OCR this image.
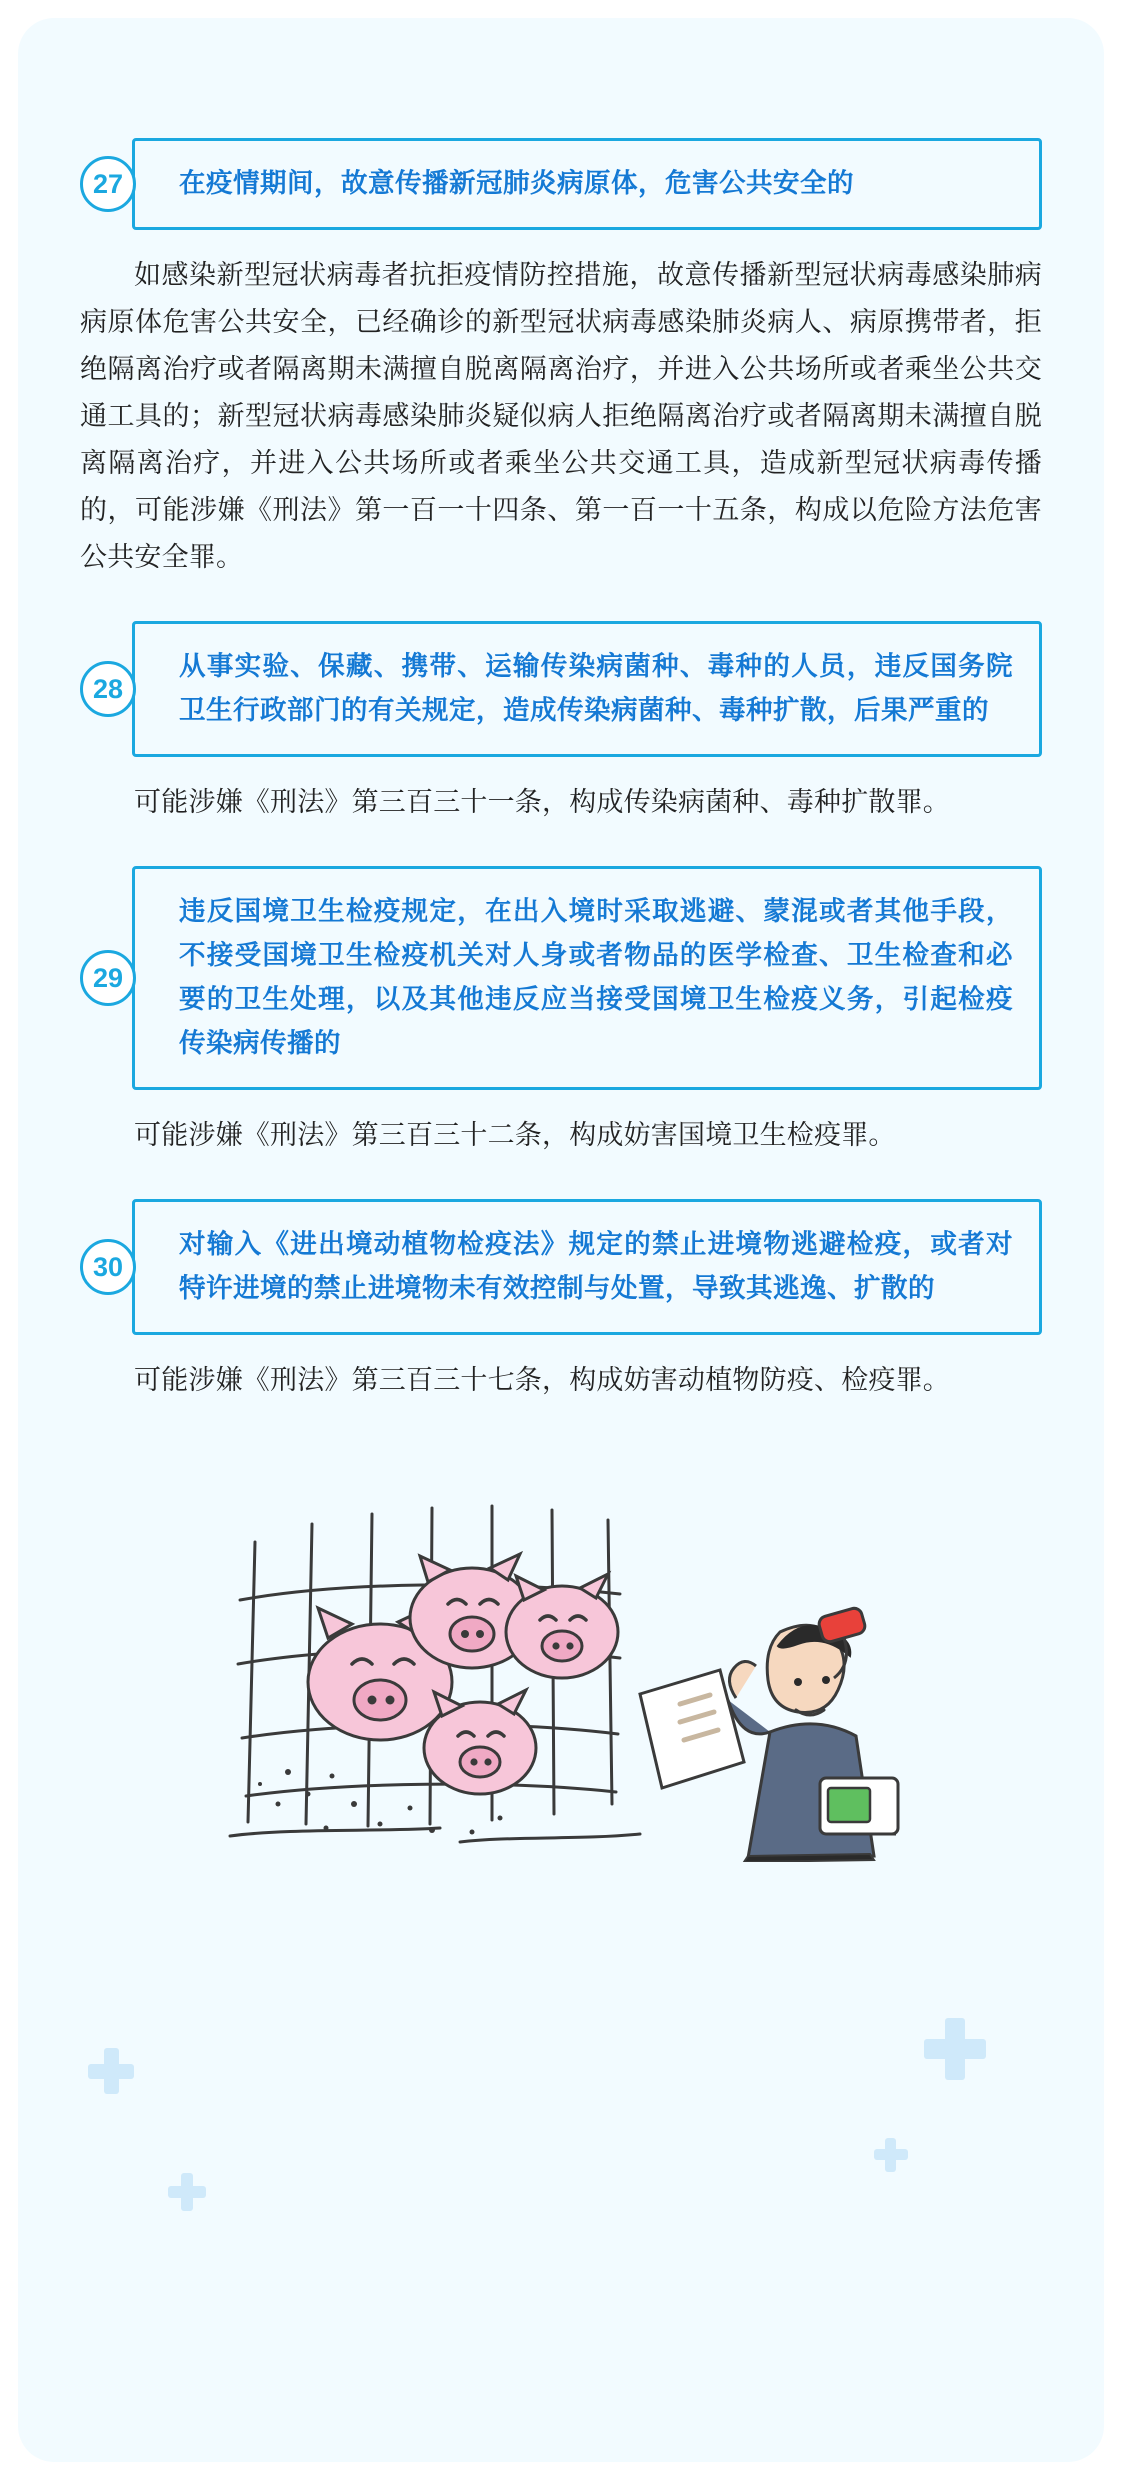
27	在疫情期间，故意传播新冠肺炎病原体，危害公共安全的

如感染新型冠状病毒者抗拒疫情防控措施，故意传播新型冠状病毒感染肺病病原体危害公共安全，已经确诊的新型冠状病毒感染肺炎病人、病原携带者，拒绝隔离治疗或者隔离期未满擅自脱离隔离治疗，并进入公共场所或者乘坐公共交通工具的；新型冠状病毒感染肺炎疑似病人拒绝隔离治疗或者隔离期未满擅自脱离隔离治疗，并进入公共场所或者乘坐公共交通工具，造成新型冠状病毒传播的，可能涉嫌《刑法》第一百一十四条、第一百一十五条，构成以危险方法危害公共安全罪。

28
从事实验、保藏、携带、运输传染病菌种、毒种的人员，违反国务院卫生行政部门的有关规定，造成传染病菌种、毒种扩散，后果严重的

可能涉嫌《刑法》第三百三十一条，构成传染病菌种、毒种扩散罪。

29
违反国境卫生检疫规定，在出入境时采取逃避、蒙混或者其他手段，不接受国境卫生检疫机关对人身或者物品的医学检查、卫生检查和必要的卫生处理，以及其他违反应当接受国境卫生检疫义务，引起检疫传染病传播的

可能涉嫌《刑法》第三百三十二条，构成妨害国境卫生检疫罪。

30
对输入《进出境动植物检疫法》规定的禁止进境物逃避检疫，或者对特许进境的禁止进境物未有效控制与处置，导致其逃逸、扩散的

可能涉嫌《刑法》第三百三十七条，构成妨害动植物防疫、检疫罪。
